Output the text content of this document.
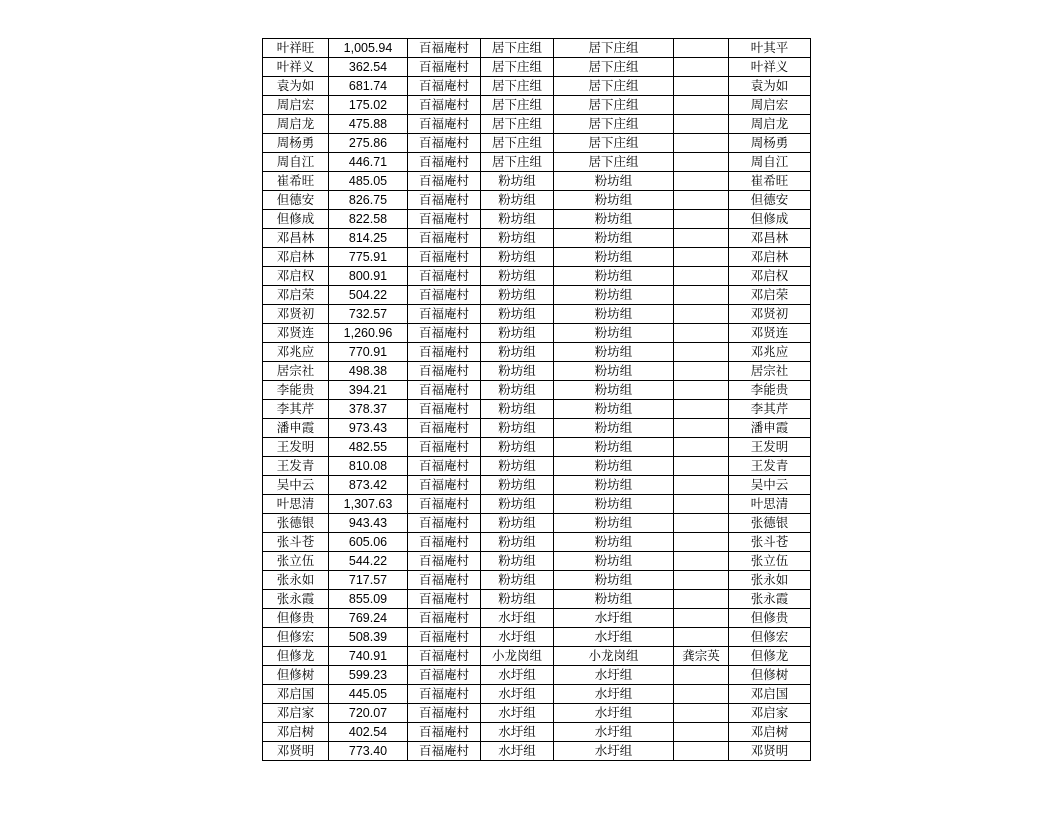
叶祥旺	1,005.94	百福庵村	居下庄组	居下庄组		叶其平
叶祥义	362.54	百福庵村	居下庄组	居下庄组		叶祥义
袁为如	681.74	百福庵村	居下庄组	居下庄组		袁为如
周启宏	175.02	百福庵村	居下庄组	居下庄组		周启宏
周启龙	475.88	百福庵村	居下庄组	居下庄组		周启龙
周杨勇	275.86	百福庵村	居下庄组	居下庄组		周杨勇
周自江	446.71	百福庵村	居下庄组	居下庄组		周自江
崔希旺	485.05	百福庵村	粉坊组	粉坊组		崔希旺
但德安	826.75	百福庵村	粉坊组	粉坊组		但德安
但修成	822.58	百福庵村	粉坊组	粉坊组		但修成
邓昌林	814.25	百福庵村	粉坊组	粉坊组		邓昌林
邓启林	775.91	百福庵村	粉坊组	粉坊组		邓启林
邓启权	800.91	百福庵村	粉坊组	粉坊组		邓启权
邓启荣	504.22	百福庵村	粉坊组	粉坊组		邓启荣
邓贤初	732.57	百福庵村	粉坊组	粉坊组		邓贤初
邓贤连	1,260.96	百福庵村	粉坊组	粉坊组		邓贤连
邓兆应	770.91	百福庵村	粉坊组	粉坊组		邓兆应
居宗社	498.38	百福庵村	粉坊组	粉坊组		居宗社
李能贵	394.21	百福庵村	粉坊组	粉坊组		李能贵
李其芹	378.37	百福庵村	粉坊组	粉坊组		李其芹
潘申霞	973.43	百福庵村	粉坊组	粉坊组		潘申霞
王发明	482.55	百福庵村	粉坊组	粉坊组		王发明
王发青	810.08	百福庵村	粉坊组	粉坊组		王发青
吴中云	873.42	百福庵村	粉坊组	粉坊组		吴中云
叶思清	1,307.63	百福庵村	粉坊组	粉坊组		叶思清
张德银	943.43	百福庵村	粉坊组	粉坊组		张德银
张斗苍	605.06	百福庵村	粉坊组	粉坊组		张斗苍
张立伍	544.22	百福庵村	粉坊组	粉坊组		张立伍
张永如	717.57	百福庵村	粉坊组	粉坊组		张永如
张永霞	855.09	百福庵村	粉坊组	粉坊组		张永霞
但修贵	769.24	百福庵村	水圩组	水圩组		但修贵
但修宏	508.39	百福庵村	水圩组	水圩组		但修宏
但修龙	740.91	百福庵村	小龙岗组	小龙岗组	龚宗英	但修龙
但修树	599.23	百福庵村	水圩组	水圩组		但修树
邓启国	445.05	百福庵村	水圩组	水圩组		邓启国
邓启家	720.07	百福庵村	水圩组	水圩组		邓启家
邓启树	402.54	百福庵村	水圩组	水圩组		邓启树
邓贤明	773.40	百福庵村	水圩组	水圩组		邓贤明
